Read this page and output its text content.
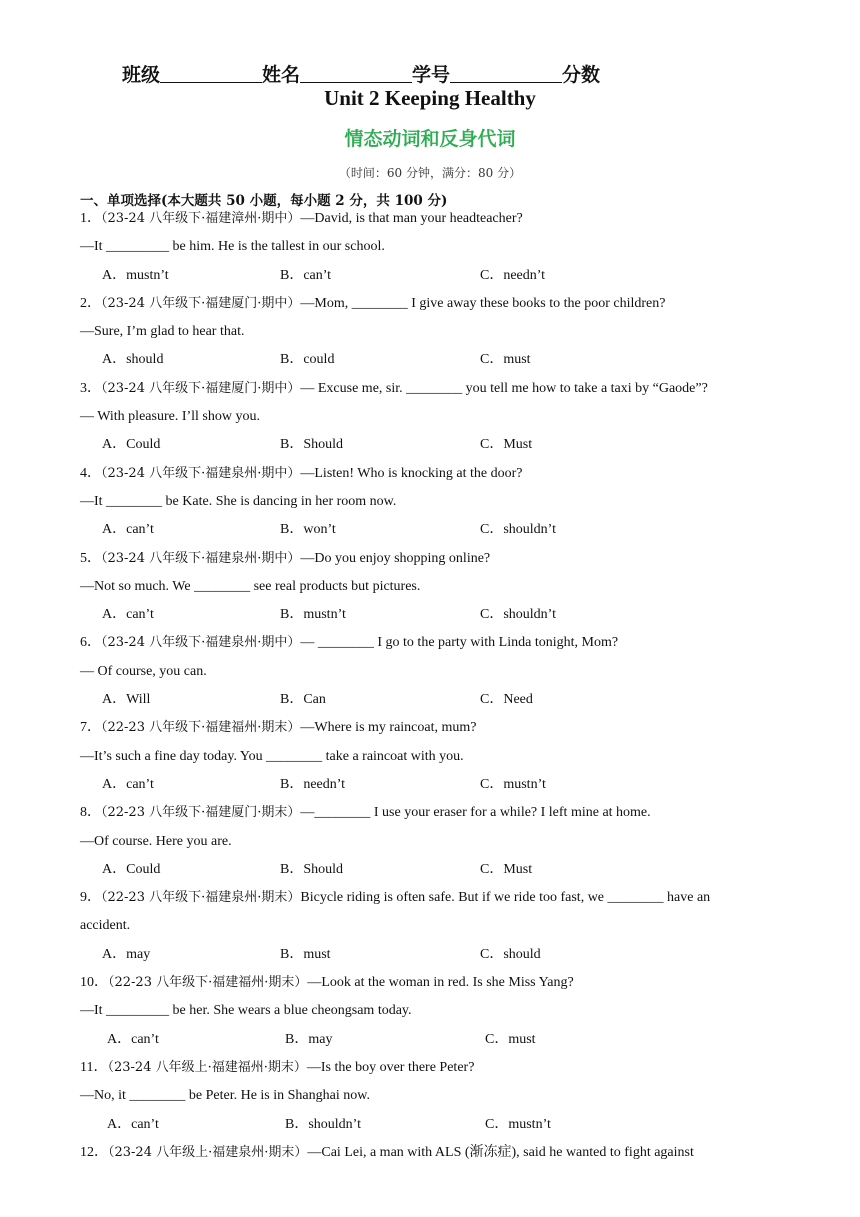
班级	姓名	学号	分数
Unit 2 Keeping Healthy
情态动词和反身代词
（时间：60 分钟，满分：80 分）
一、单项选择(本大题共 50 小题，每小题 2 分，共 100 分)
1．（23-24 八年级下·福建漳州·期中）—David, is that man your headteacher?
—It _________ be him. He is the tallest in our school.
A．mustn’t	B．can’t	C．needn’t
2．（23-24 八年级下·福建厦门·期中）—Mom, ________ I give away these books to the poor children?
—Sure, I’m glad to hear that.
A．should	B．could	C．must
3．（23-24 八年级下·福建厦门·期中）— Excuse me, sir. ________ you tell me how to take a taxi by “Gaode”?
— With pleasure. I’ll show you.
A．Could	B．Should	C．Must
4．（23-24 八年级下·福建泉州·期中）—Listen! Who is knocking at the door?
—It ________ be Kate. She is dancing in her room now.
A．can’t	B．won’t	C．shouldn’t
5．（23-24 八年级下·福建泉州·期中）—Do you enjoy shopping online?
—Not so much. We ________ see real products but pictures.
A．can’t	B．mustn’t	C．shouldn’t
6．（23-24 八年级下·福建泉州·期中）— ________ I go to the party with Linda tonight, Mom?
— Of course, you can.
A．Will	B．Can	C．Need
7．（22-23 八年级下·福建福州·期末）—Where is my raincoat, mum?
—It’s such a fine day today. You ________ take a raincoat with you.
A．can’t	B．needn’t	C．mustn’t
8．（22-23 八年级下·福建厦门·期末）—________ I use your eraser for a while? I left mine at home.
—Of course. Here you are.
A．Could	B．Should	C．Must
9．（22-23 八年级下·福建泉州·期末）Bicycle riding is often safe. But if we ride too fast, we ________ have an
accident.
A．may	B．must	C．should
10．（22-23 八年级下·福建福州·期末）—Look at the woman in red. Is she Miss Yang?
—It _________ be her. She wears a blue cheongsam today.
A．can’t	B．may	C．must
11．（23-24 八年级上·福建福州·期末）—Is the boy over there Peter?
—No, it ________ be Peter. He is in Shanghai now.
A．can’t	B．shouldn’t	C．mustn’t
12．（23-24 八年级上·福建泉州·期末）—Cai Lei, a man with ALS (渐冻症), said he wanted to fight against
